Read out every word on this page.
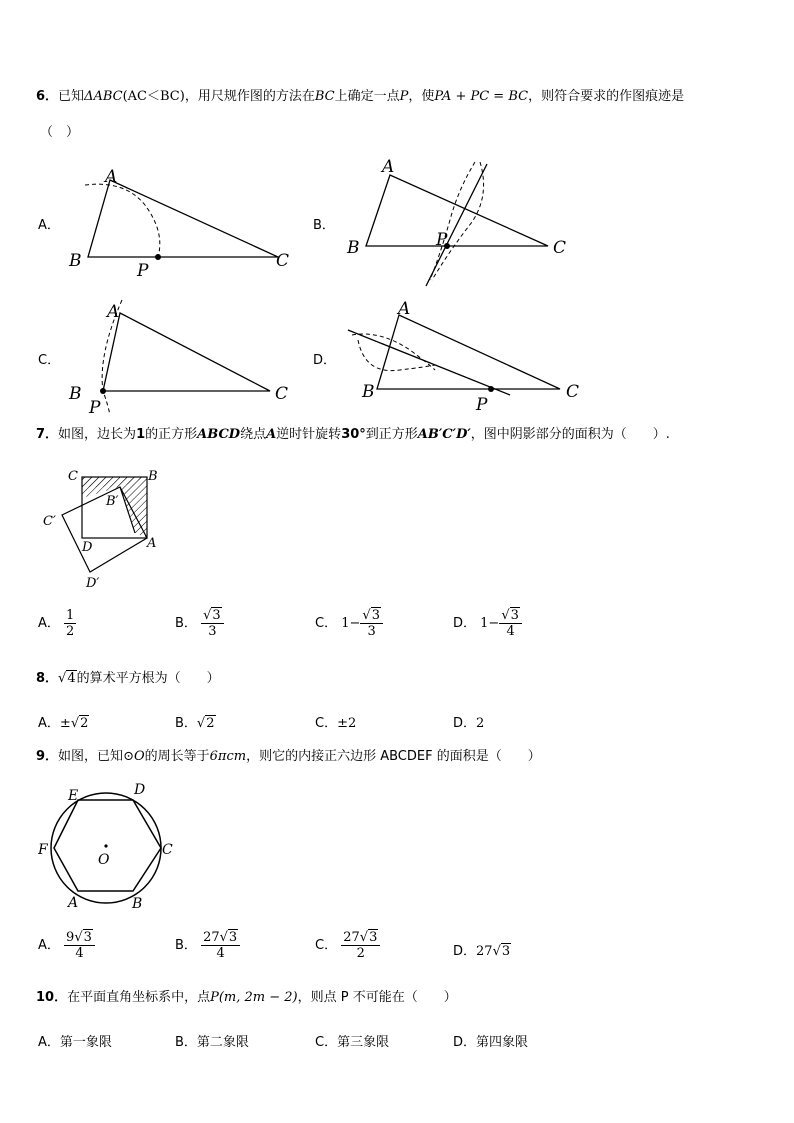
6．已知ΔABC(AC＜BC)，用尺规作图的方法在BC上确定一点P，使PA + PC = BC，则符合要求的作图痕迹是
（　）
A．
A
B	C
P
B．
A
B	C
P
C．
A
B	C
P
D．
A
B	C
P
7．如图，边长为1的正方形ABCD绕点A逆时针旋转30°到正方形AB′C′D′，图中阴影部分的面积为（　　）.
C	B
B′
C′
D	A
D′
A． $\frac{1}{2}$	B． $\frac{√3}{3}$	C． $1- \frac{√3}{3}$	D． $1- \frac{√3}{4}$
8．√4的算术平方根为（　　）
A．±√2	B．√2	C．±2	D．2
9．如图，已知⊙O的周长等于6πcm，则它的内接正六边形 ABCDEF 的面积是（　　）
D
E
F	C
O
A	B
A． $\frac{9√3}{4}$	B． $\frac{27√3}{4}$	C． $\frac{27√3}{2}$	D．27√3
10．在平面直角坐标系中，点P(m, 2m − 2)，则点 P 不可能在（　　）
A．第一象限	B．第二象限	C．第三象限	D．第四象限
